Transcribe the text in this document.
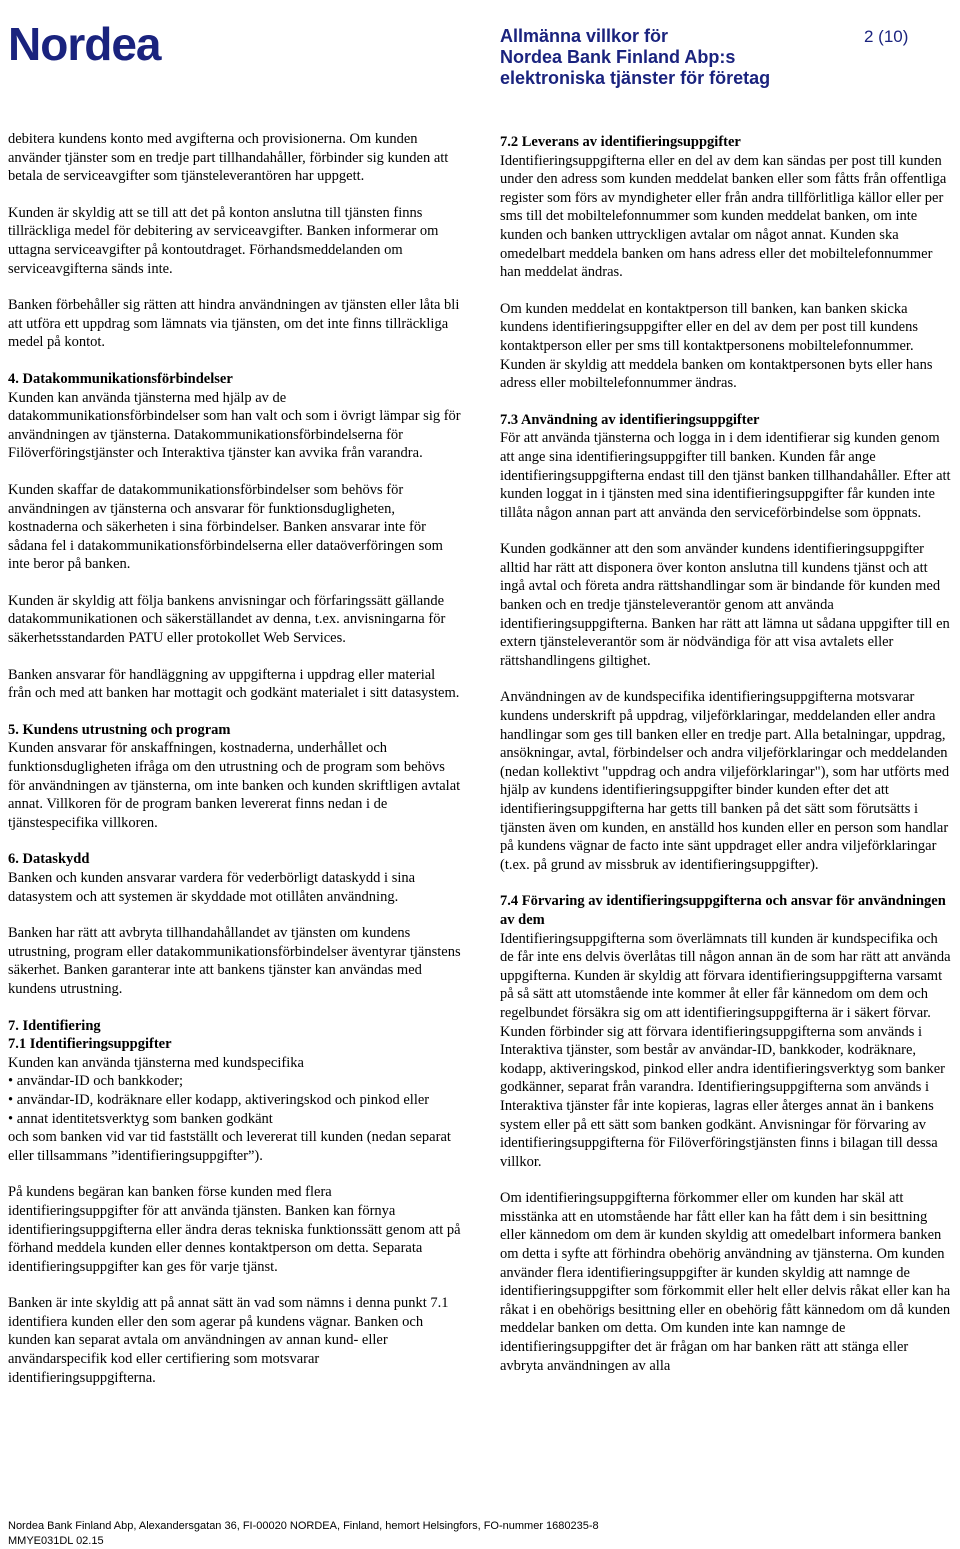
Nordea	Allmänna villkor för
Nordea Bank Finland Abp:s
elektroniska tjänster för företag
2 (10)

debitera kundens konto med avgifterna och provisionerna. Om kunden använder tjänster som en tredje part tillhandahåller, förbinder sig kunden att betala de serviceavgifter som tjänsteleverantören har uppgett.

Kunden är skyldig att se till att det på konton anslutna till tjänsten finns tillräckliga medel för debitering av serviceavgifter. Banken informerar om uttagna serviceavgifter på kontoutdraget. Förhandsmeddelanden om serviceavgifterna sänds inte.

Banken förbehåller sig rätten att hindra användningen av tjänsten eller låta bli att utföra ett uppdrag som lämnats via tjänsten, om det inte finns tillräckliga medel på kontot.

4. Datakommunikationsförbindelser
Kunden kan använda tjänsterna med hjälp av de datakommunikationsförbindelser som han valt och som i övrigt lämpar sig för användningen av tjänsterna. Datakommunikationsförbindelserna för Filöverföringstjänster och Interaktiva tjänster kan avvika från varandra.

Kunden skaffar de datakommunikationsförbindelser som behövs för användningen av tjänsterna och ansvarar för funktionsdugligheten, kostnaderna och säkerheten i sina förbindelser. Banken ansvarar inte för sådana fel i datakommunikationsförbindelserna eller dataöverföringen som inte beror på banken.

Kunden är skyldig att följa bankens anvisningar och förfaringssätt gällande datakommunikationen och säkerställandet av denna, t.ex. anvisningarna för säkerhetsstandarden PATU eller protokollet Web Services.

Banken ansvarar för handläggning av uppgifterna i uppdrag eller material från och med att banken har mottagit och godkänt materialet i sitt datasystem.

5. Kundens utrustning och program
Kunden ansvarar för anskaffningen, kostnaderna, underhållet och funktionsdugligheten ifråga om den utrustning och de program som behövs för användningen av tjänsterna, om inte banken och kunden skriftligen avtalat annat. Villkoren för de program banken levererat finns nedan i de tjänstespecifika villkoren.

6. Dataskydd
Banken och kunden ansvarar vardera för vederbörligt dataskydd i sina datasystem och att systemen är skyddade mot otillåten användning.

Banken har rätt att avbryta tillhandahållandet av tjänsten om kundens utrustning, program eller datakommunikationsförbindelser äventyrar tjänstens säkerhet. Banken garanterar inte att bankens tjänster kan användas med kundens utrustning.

7. Identifiering
7.1 Identifieringsuppgifter
Kunden kan använda tjänsterna med kundspecifika
• användar-ID och bankkoder;
• användar-ID, kodräknare eller kodapp, aktiveringskod och pinkod eller
• annat identitetsverktyg som banken godkänt
och som banken vid var tid fastställt och levererat till kunden (nedan separat eller tillsammans ”identifieringsuppgifter”).

På kundens begäran kan banken förse kunden med flera identifieringsuppgifter för att använda tjänsten. Banken kan förnya identifieringsuppgifterna eller ändra deras tekniska funktionssätt genom att på förhand meddela kunden eller dennes kontaktperson om detta. Separata identifieringsuppgifter kan ges för varje tjänst.

Banken är inte skyldig att på annat sätt än vad som nämns i denna punkt 7.1 identifiera kunden eller den som agerar på kundens vägnar. Banken och kunden kan separat avtala om användningen av annan kund- eller användarspecifik kod eller certifiering som motsvarar identifieringsuppgifterna.

7.2 Leverans av identifieringsuppgifter
Identifieringsuppgifterna eller en del av dem kan sändas per post till kunden under den adress som kunden meddelat banken eller som fåtts från offentliga register som förs av myndigheter eller från andra tillförlitliga källor eller per sms till det mobiltelefonnummer som kunden meddelat banken, om inte kunden och banken uttryckligen avtalar om något annat. Kunden ska omedelbart meddela banken om hans adress eller det mobiltelefonnummer han meddelat ändras.

Om kunden meddelat en kontaktperson till banken, kan banken skicka kundens identifieringsuppgifter eller en del av dem per post till kundens kontaktperson eller per sms till kontaktpersonens mobiltelefonnummer. Kunden är skyldig att meddela banken om kontaktpersonen byts eller hans adress eller mobiltelefonnummer ändras.

7.3 Användning av identifieringsuppgifter
För att använda tjänsterna och logga in i dem identifierar sig kunden genom att ange sina identifieringsuppgifter till banken. Kunden får ange identifieringsuppgifterna endast till den tjänst banken tillhandahåller. Efter att kunden loggat in i tjänsten med sina identifieringsuppgifter får kunden inte tillåta någon annan part att använda den serviceförbindelse som öppnats.

Kunden godkänner att den som använder kundens identifieringsuppgifter alltid har rätt att disponera över konton anslutna till kundens tjänst och att ingå avtal och företa andra rättshandlingar som är bindande för kunden med banken och en tredje tjänsteleverantör genom att använda identifieringsuppgifterna. Banken har rätt att lämna ut sådana uppgifter till en extern tjänsteleverantör som är nödvändiga för att visa avtalets eller rättshandlingens giltighet.

Användningen av de kundspecifika identifieringsuppgifterna motsvarar kundens underskrift på uppdrag, viljeförklaringar, meddelanden eller andra handlingar som ges till banken eller en tredje part. Alla betalningar, uppdrag, ansökningar, avtal, förbindelser och andra viljeförklaringar och meddelanden (nedan kollektivt "uppdrag och andra viljeförklaringar"), som har utförts med hjälp av kundens identifieringsuppgifter binder kunden efter det att identifieringsuppgifterna har getts till banken på det sätt som förutsätts i tjänsten även om kunden, en anställd hos kunden eller en person som handlar på kundens vägnar de facto inte sänt uppdraget eller andra viljeförklaringar (t.ex. på grund av missbruk av identifieringsuppgifter).

7.4 Förvaring av identifieringsuppgifterna och ansvar för användningen av dem
Identifieringsuppgifterna som överlämnats till kunden är kundspecifika och de får inte ens delvis överlåtas till någon annan än de som har rätt att använda uppgifterna. Kunden är skyldig att förvara identifieringsuppgifterna varsamt på så sätt att utomstående inte kommer åt eller får kännedom om dem och regelbundet försäkra sig om att identifieringsuppgifterna är i säkert förvar. Kunden förbinder sig att förvara identifieringsuppgifterna som används i Interaktiva tjänster, som består av användar-ID, bankkoder, kodräknare, kodapp, aktiveringskod, pinkod eller andra identifieringsverktyg som banker godkänner, separat från varandra. Identifieringsuppgifterna som används i Interaktiva tjänster får inte kopieras, lagras eller återges annat än i bankens system eller på ett sätt som banken godkänt. Anvisningar för förvaring av identifieringsuppgifterna för Filöverföringstjänsten finns i bilagan till dessa villkor.

Om identifieringsuppgifterna förkommer eller om kunden har skäl att misstänka att en utomstående har fått eller kan ha fått dem i sin besittning eller kännedom om dem är kunden skyldig att omedelbart informera banken om detta i syfte att förhindra obehörig användning av tjänsterna. Om kunden använder flera identifieringsuppgifter är kunden skyldig att namnge de identifieringsuppgifter som förkommit eller helt eller delvis råkat eller kan ha råkat i en obehörigs besittning eller en obehörig fått kännedom om då kunden meddelar banken om detta. Om kunden inte kan namnge de identifieringsuppgifter det är frågan om har banken rätt att stänga eller avbryta användningen av alla

Nordea Bank Finland Abp, Alexandersgatan 36, FI-00020 NORDEA, Finland, hemort Helsingfors, FO-nummer 1680235-8
MMYE031DL 02.15
